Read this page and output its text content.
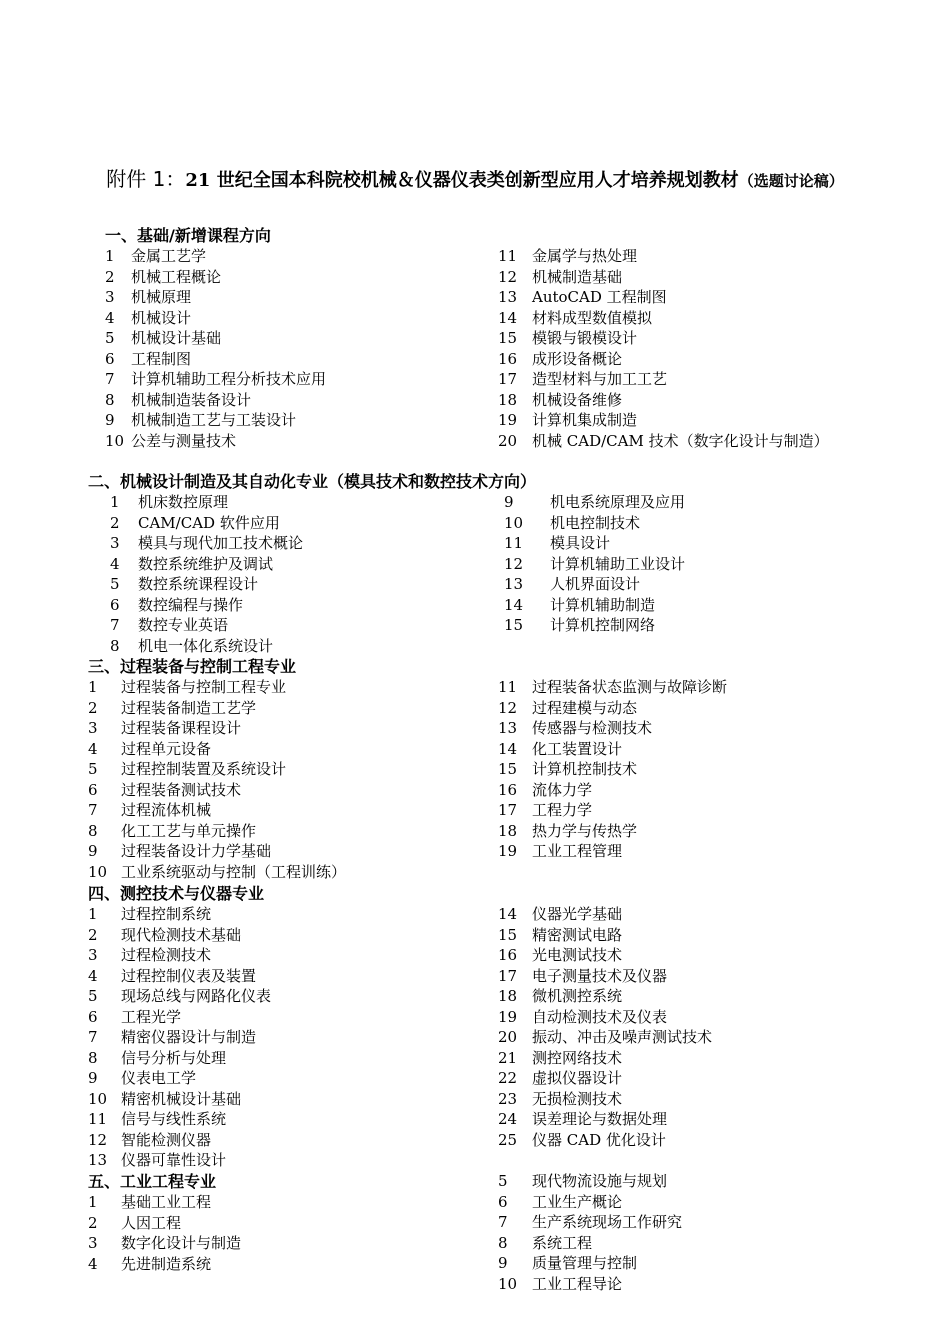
附件 1：21 世纪全国本科院校机械＆仪器仪表类创新型应用人才培养规划教材（选题讨论稿）
一、基础/新增课程方向
1	金属工艺学
2	机械工程概论
3	机械原理
4	机械设计
5	机械设计基础
6	工程制图
7	计算机辅助工程分析技术应用
8	机械制造装备设计
9	机械制造工艺与工装设计
10 公差与测量技术
11 金属学与热处理
12 机械制造基础
13 AutoCAD 工程制图
14 材料成型数值模拟
15 模锻与锻模设计
16 成形设备概论
17 造型材料与加工工艺
18 机械设备维修
19 计算机集成制造
20 机械 CAD/CAM 技术（数字化设计与制造）
二、机械设计制造及其自动化专业（模具技术和数控技术方向）
1	机床数控原理
2	CAM/CAD 软件应用
3	模具与现代加工技术概论
4	数控系统维护及调试
5	数控系统课程设计
6	数控编程与操作
7	数控专业英语
8	机电一体化系统设计
9	机电系统原理及应用
10	机电控制技术
11	模具设计
12	计算机辅助工业设计
13	人机界面设计
14	计算机辅助制造
15	计算机控制网络
三、过程装备与控制工程专业
1	过程装备与控制工程专业
2	过程装备制造工艺学
3	过程装备课程设计
4	过程单元设备
5	过程控制装置及系统设计
6	过程装备测试技术
7	过程流体机械
8	化工工艺与单元操作
9	过程装备设计力学基础
10 工业系统驱动与控制（工程训练）
11 过程装备状态监测与故障诊断
12 过程建模与动态
13 传感器与检测技术
14 化工装置设计
15 计算机控制技术
16 流体力学
17 工程力学
18 热力学与传热学
19 工业工程管理
四、测控技术与仪器专业
1	过程控制系统
2	现代检测技术基础
3	过程检测技术
4	过程控制仪表及装置
5	现场总线与网路化仪表
6	工程光学
7	精密仪器设计与制造
8	信号分析与处理
9	仪表电工学
10 精密机械设计基础
11 信号与线性系统
12 智能检测仪器
13 仪器可靠性设计
14 仪器光学基础
15 精密测试电路
16 光电测试技术
17 电子测量技术及仪器
18 微机测控系统
19 自动检测技术及仪表
20 振动、冲击及噪声测试技术
21 测控网络技术
22 虚拟仪器设计
23 无损检测技术
24 误差理论与数据处理
25 仪器 CAD 优化设计
五、工业工程专业
1	基础工业工程
2	人因工程
3	数字化设计与制造
4	先进制造系统
5	现代物流设施与规划
6	工业生产概论
7	生产系统现场工作研究
8	系统工程
9	质量管理与控制
10 工业工程导论
